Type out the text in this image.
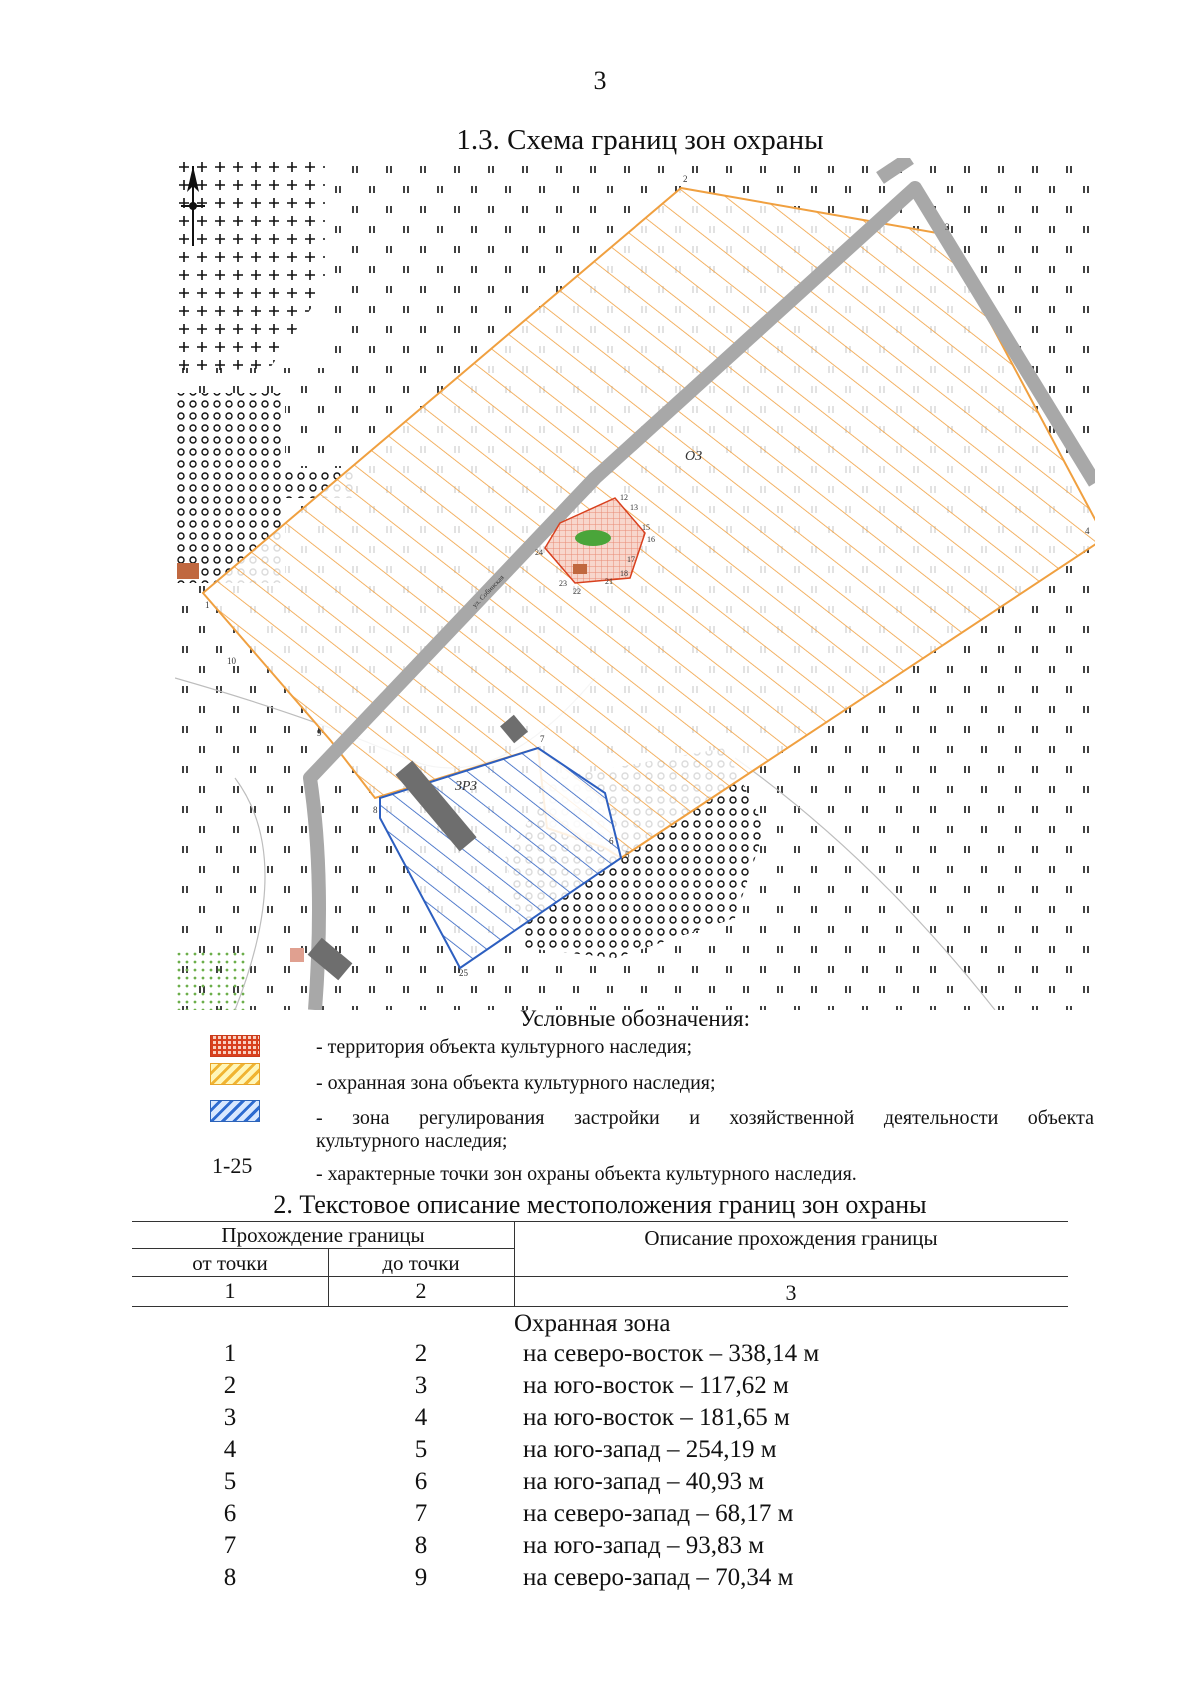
3
1.3. Схема границ зон охраны
ОЗ
ЗРЗ
ул. Собинская
1
2
3
4
5
6
7
8
9
10
12
13
15
16
17
18
21
22
23
24
25
Условные обозначения:
- территория объекта культурного наследия;
- охранная зона объекта культурного наследия;
- зона регулирования застройки и хозяйственной деятельности объекта
культурного наследия;
1-25	- характерные точки зон охраны объекта культурного наследия.
2. Текстовое описание местоположения границ зон охраны
Прохождение границы
от точки	до точки
Описание прохождения границы
1	2	3
Охранная зона
1	2	на северо-восток – 338,14 м
2	3	на юго-восток – 117,62 м
3	4	на юго-восток – 181,65 м
4	5	на юго-запад – 254,19 м
5	6	на юго-запад – 40,93 м
6	7	на северо-запад – 68,17 м
7	8	на юго-запад – 93,83 м
8	9	на северо-запад – 70,34 м
